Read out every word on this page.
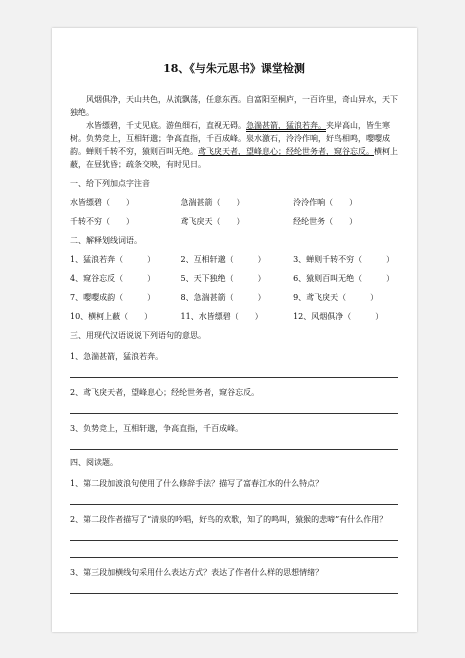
18、《与朱元思书》课堂检测

风烟俱净，天山共色，从流飘荡，任意东西。自富阳至桐庐，一百许里，奇山异水，天下独绝。

水皆缥碧，千丈见底。游鱼细石，直视无碍。急湍甚箭，猛浪若奔。夹岸高山，皆生寒树。负势竞上，互相轩邈；争高直指，千百成峰。泉水激石，泠泠作响，好鸟相鸣，嘤嘤成韵。蝉则千转不穷，猿则百叫无绝。鸢飞戾天者，望峰息心；经纶世务者，窥谷忘反。横柯上蔽，在昼犹昏；疏条交映，有时见日。

一、给下列加点字注音
水皆缥碧（　　）	急湍甚箭（　　）	泠泠作响（　　）
千转不穷（　　）	鸢飞戾天（　　）	经纶世务（　　）
二、解释划线词语。
1、猛浪若奔（　　　）	2、互相轩邈（　　　）	3、蝉则千转不穷（　　　）
4、窥谷忘反（　　　）	5、天下独绝（　　　）	6、猿则百叫无绝（　　　）
7、嘤嘤成韵（　　　）	8、急湍甚箭（　　　）	9、鸢飞戾天（　　　）
10、横柯上蔽（　　）	11、水皆缥碧（　　）	12、风烟俱净（　　　）
三、用现代汉语说说下列语句的意思。
1、急湍甚箭，猛浪若奔。
2、鸢飞戾天者，望峰息心；经纶世务者，窥谷忘反。
3、负势竞上，互相轩邈，争高直指，千百成峰。
四、阅读题。
1、第二段加波浪句使用了什么修辞手法？描写了富春江水的什么特点？
2、第二段作者描写了“清泉的吟唱，好鸟的欢歌，知了的鸣叫，猿猴的悲啼”有什么作用？
3、第三段加横线句采用什么表达方式？表达了作者什么样的思想情绪？
